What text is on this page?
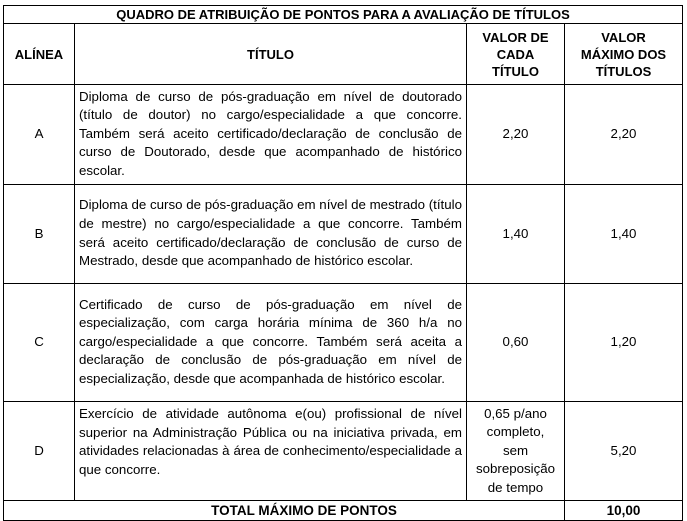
QUADRO DE ATRIBUIÇÃO DE PONTOS PARA A AVALIAÇÃO DE TÍTULOS			
ALÍNEA	TÍTULO	VALOR DE CADA TÍTULO	VALOR MÁXIMO DOS TÍTULOS
A	Diploma de curso de pós-graduação em nível de doutorado (título de doutor) no cargo/especialidade a que concorre. Também será aceito certificado/declaração de conclusão de curso de Doutorado, desde que acompanhado de histórico escolar.	2,20	2,20
B	Diploma de curso de pós-graduação em nível de mestrado (título de mestre) no cargo/especialidade a que concorre. Também será aceito certificado/declaração de conclusão de curso de Mestrado, desde que acompanhado de histórico escolar.	1,40	1,40
C	Certificado de curso de pós-graduação em nível de especialização, com carga horária mínima de 360 h/a no cargo/especialidade a que concorre. Também será aceita a declaração de conclusão de pós-graduação em nível de especialização, desde que acompanhada de histórico escolar.	0,60	1,20
D	Exercício de atividade autônoma e(ou) profissional de nível superior na Administração Pública ou na iniciativa privada, em atividades relacionadas à área de conhecimento/especialidade a que concorre.	0,65 p/ano completo, sem sobreposição de tempo	5,20
TOTAL MÁXIMO DE PONTOS			10,00
